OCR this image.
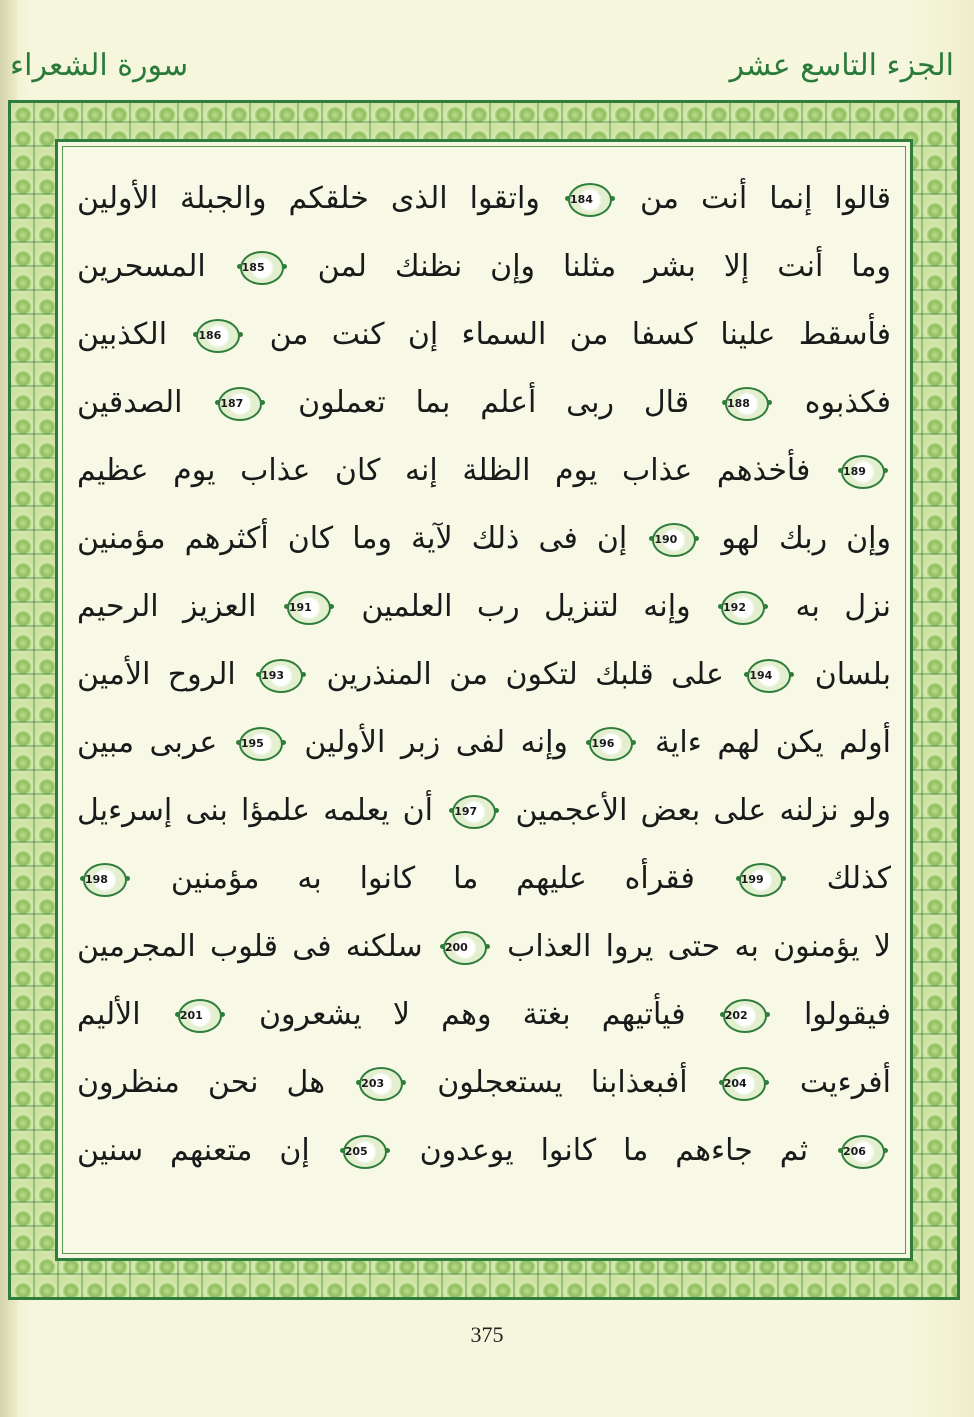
الجزء التاسع عشر
سورة الشعراء
قالوا إنما أنت من 184 واتقوا الذى خلقكم والجبلة الأولين
وما أنت إلا بشر مثلنا وإن نظنك لمن 185 المسحرين
فأسقط علينا كسفا من السماء إن كنت من 186 الكذبين
فكذبوه 188 قال ربى أعلم بما تعملون 187 الصدقين
189 فأخذهم عذاب يوم الظلة إنه كان عذاب يوم عظيم
وإن ربك لهو 190 إن فى ذلك لآية وما كان أكثرهم مؤمنين
نزل به 192 وإنه لتنزيل رب العلمين 191 العزيز الرحيم
بلسان 194 على قلبك لتكون من المنذرين 193 الروح الأمين
أولم يكن لهم ءاية 196 وإنه لفى زبر الأولين 195 عربى مبين
ولو نزلنه على بعض الأعجمين 197 أن يعلمه علمؤا بنى إسرءيل
كذلك 199 فقرأه عليهم ما كانوا به مؤمنين 198
لا يؤمنون به حتى يروا العذاب 200 سلكنه فى قلوب المجرمين
فيقولوا 202 فيأتيهم بغتة وهم لا يشعرون 201 الأليم
أفرءيت 204 أفبعذابنا يستعجلون 203 هل نحن منظرون
206 ثم جاءهم ما كانوا يوعدون 205 إن متعنهم سنين
375
